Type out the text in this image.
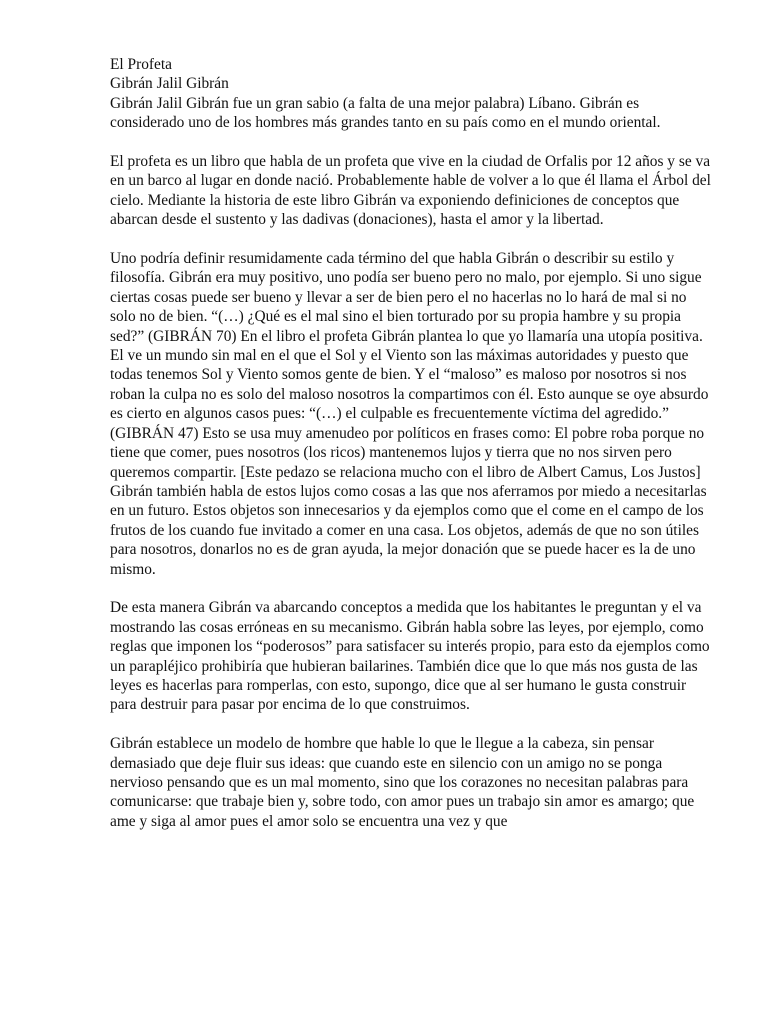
El Profeta

Gibrán Jalil Gibrán

Gibrán Jalil Gibrán fue un gran sabio (a falta de una mejor palabra) Líbano. Gibrán es considerado uno de los hombres más grandes tanto en su país como en el mundo oriental.

El profeta es un libro que habla de un profeta que vive en la ciudad de Orfalis por 12 años y se va en un barco al lugar en donde nació. Probablemente hable de volver a lo que él llama el Árbol del cielo. Mediante la historia de este libro Gibrán va exponiendo definiciones de conceptos que abarcan desde el sustento y las dadivas (donaciones), hasta el amor y la libertad.

Uno podría definir resumidamente cada término del que habla Gibrán o describir su estilo y filosofía. Gibrán era muy positivo, uno podía ser bueno pero no malo, por ejemplo. Si uno sigue ciertas cosas puede ser bueno y llevar a ser de bien pero el no hacerlas no lo hará de mal si no solo no de bien. “(…) ¿Qué es el mal sino el bien torturado por su propia hambre y su propia sed?” (GIBRÁN 70) En el libro el profeta Gibrán plantea lo que yo llamaría una utopía positiva. El ve un mundo sin mal en el que el Sol y el Viento son las máximas autoridades y puesto que todas tenemos Sol y Viento somos gente de bien. Y el “maloso” es maloso por nosotros si nos roban la culpa no es solo del maloso nosotros la compartimos con él. Esto aunque se oye absurdo es cierto en algunos casos pues: “(…) el culpable es frecuentemente víctima del agredido.” (GIBRÁN 47) Esto se usa muy amenudeo por políticos en frases como: El pobre roba porque no tiene que comer, pues nosotros (los ricos) mantenemos lujos y tierra que no nos sirven pero queremos compartir. [Este pedazo se relaciona mucho con el libro de Albert Camus, Los Justos] Gibrán también habla de estos lujos como cosas a las que nos aferramos por miedo a necesitarlas en un futuro. Estos objetos son innecesarios y da ejemplos como que el come en el campo de los frutos de los cuando fue invitado a comer en una casa. Los objetos, además de que no son útiles para nosotros, donarlos no es de gran ayuda, la mejor donación que se puede hacer es la de uno mismo.

De esta manera Gibrán va abarcando conceptos a medida que los habitantes le preguntan y el va mostrando las cosas erróneas en su mecanismo. Gibrán habla sobre las leyes, por ejemplo, como reglas que imponen los “poderosos” para satisfacer su interés propio, para esto da ejemplos como un parapléjico prohibiría que hubieran bailarines. También dice que lo que más nos gusta de las leyes es hacerlas para romperlas, con esto, supongo, dice que al ser humano le gusta construir para destruir para pasar por encima de lo que construimos.

Gibrán establece un modelo de hombre que hable lo que le llegue a la cabeza, sin pensar demasiado que deje fluir sus ideas: que cuando este en silencio con un amigo no se ponga nervioso pensando que es un mal momento, sino que los corazones no necesitan palabras para comunicarse: que trabaje bien y, sobre todo, con amor pues un trabajo sin amor es amargo; que ame y siga al amor pues el amor solo se encuentra una vez y que
